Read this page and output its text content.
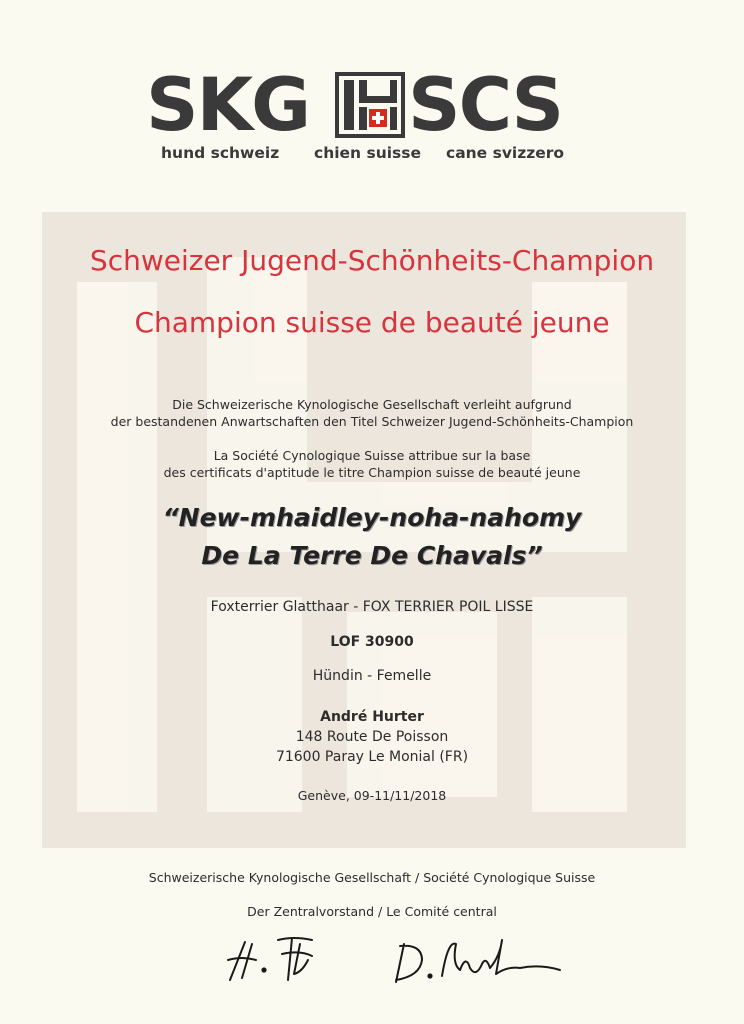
SKG SCS
hund schweiz chien suisse cane svizzero
Schweizer Jugend-Schönheits-Champion
Champion suisse de beauté jeune
Die Schweizerische Kynologische Gesellschaft verleiht aufgrund
der bestandenen Anwartschaften den Titel Schweizer Jugend-Schönheits-Champion
La Société Cynologique Suisse attribue sur la base
des certificats d'aptitude le titre Champion suisse de beauté jeune
“New-mhaidley-noha-nahomy
De La Terre De Chavals”
Foxterrier Glatthaar - FOX TERRIER POIL LISSE
LOF 30900
Hündin - Femelle
André Hurter
148 Route De Poisson
71600 Paray Le Monial (FR)
Genève, 09-11/11/2018
Schweizerische Kynologische Gesellschaft / Société Cynologique Suisse
Der Zentralvorstand / Le Comité central
